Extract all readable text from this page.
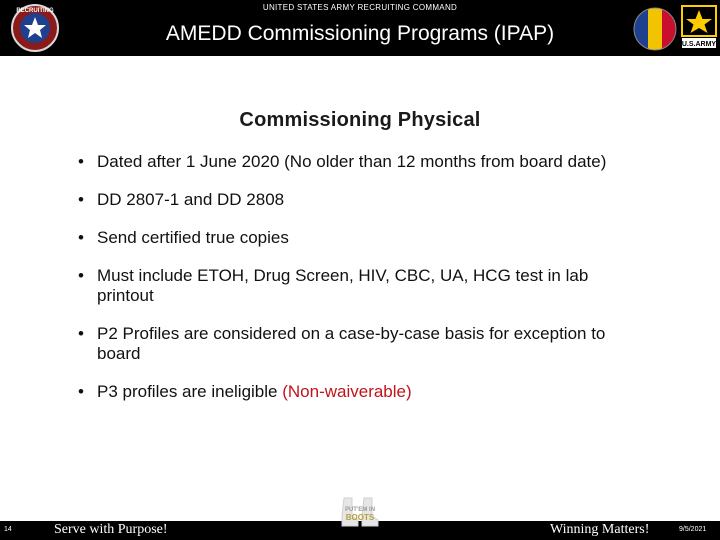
RECRUITING	UNITED STATES ARMY RECRUITING COMMAND
AMEDD Commissioning Programs (IPAP)	U.S.ARMY
Commissioning Physical
• Dated after 1 June 2020 (No older than 12 months from board date)
• DD 2807-1 and DD 2808
• Send certified true copies
• Must include ETOH, Drug Screen, HIV, CBC, UA, HCG test in lab printout
• P2 Profiles are considered on a case-by-case basis for exception to board
• P3 profiles are ineligible (Non-waiverable)
14	Serve with Purpose!	Winning Matters!	9/5/2021
PUT'EM IN
BOOTS
